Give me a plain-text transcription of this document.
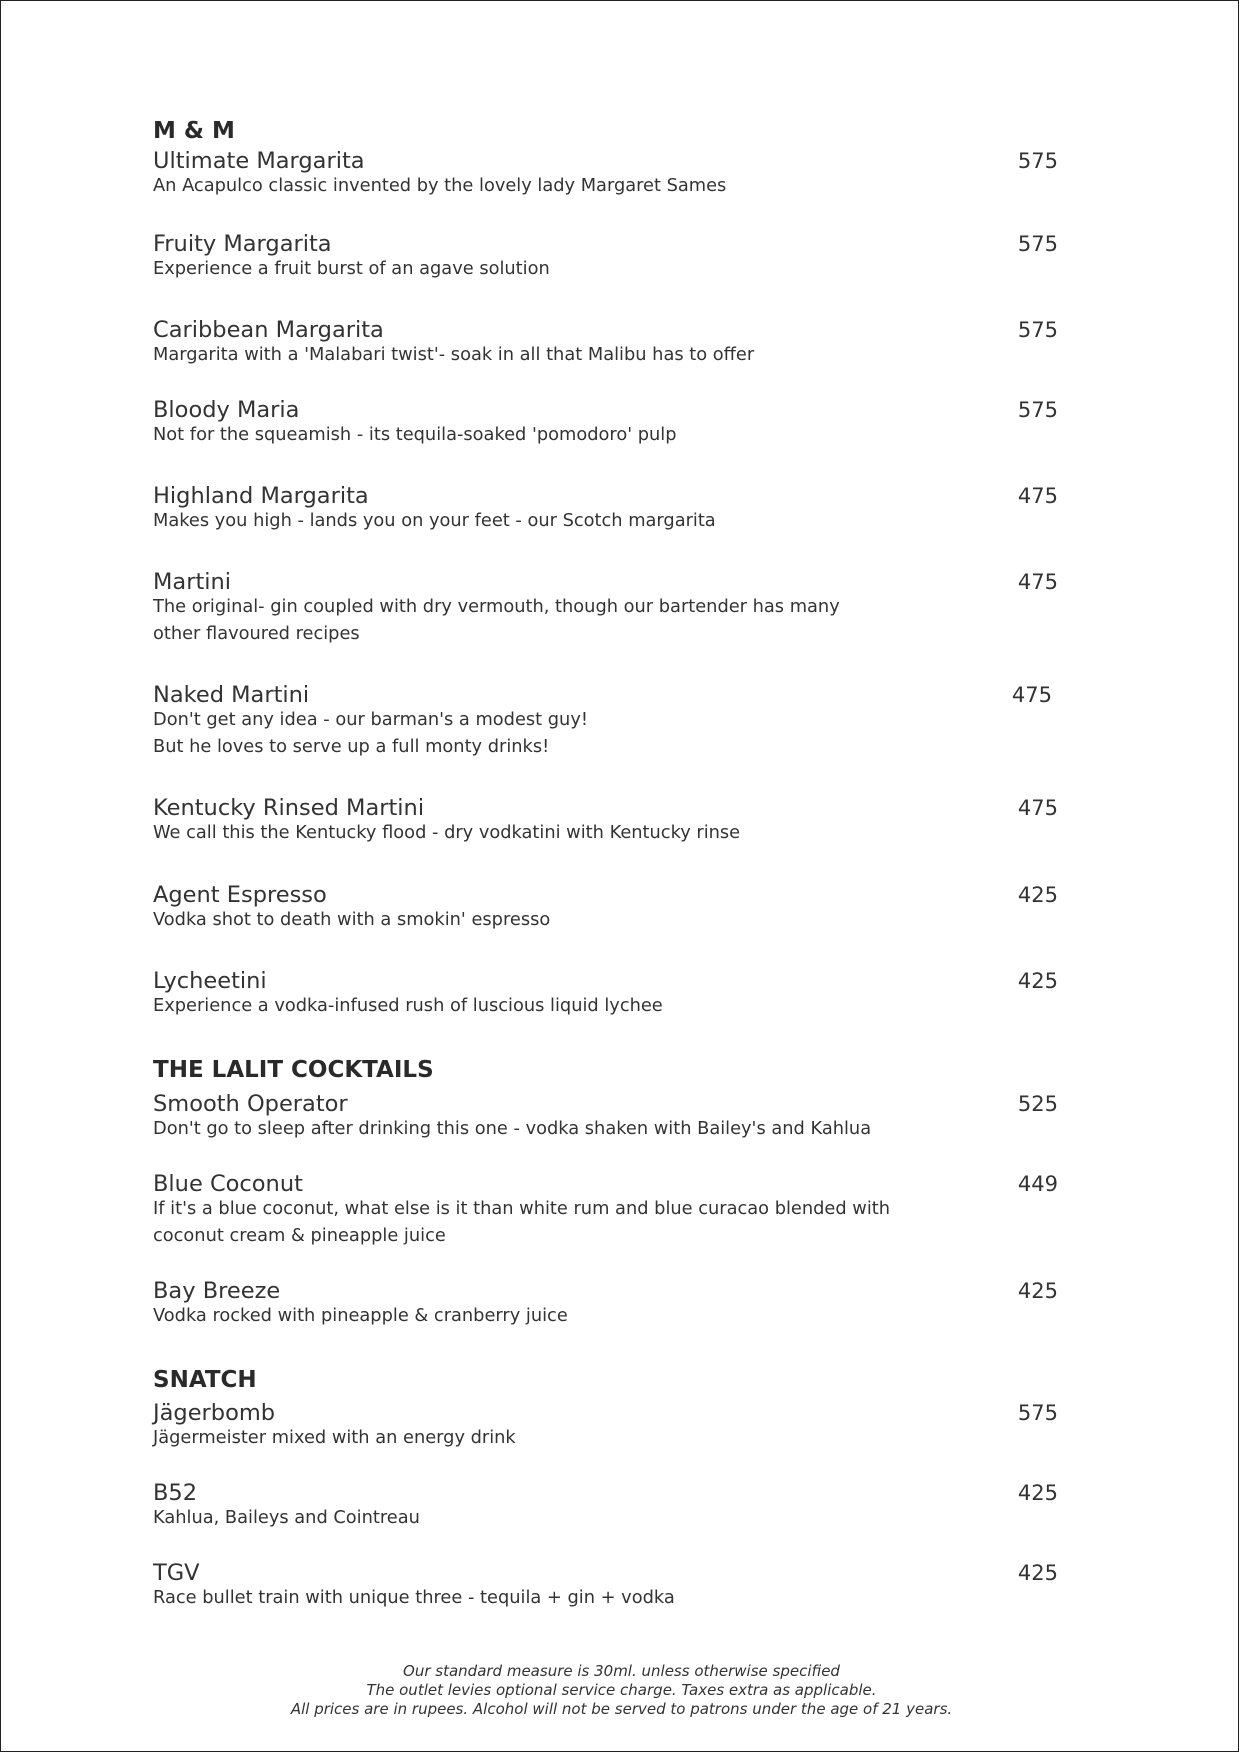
M & M
Ultimate Margarita	575
An Acapulco classic invented by the lovely lady Margaret Sames
Fruity Margarita	575
Experience a fruit burst of an agave solution
Caribbean Margarita	575
Margarita with a 'Malabari twist'- soak in all that Malibu has to offer
Bloody Maria	575
Not for the squeamish - its tequila-soaked 'pomodoro' pulp
Highland Margarita	475
Makes you high - lands you on your feet - our Scotch margarita
Martini	475
The original- gin coupled with dry vermouth, though our bartender has many
other flavoured recipes
Naked Martini	475
Don't get any idea - our barman's a modest guy!
But he loves to serve up a full monty drinks!
Kentucky Rinsed Martini	475
We call this the Kentucky flood - dry vodkatini with Kentucky rinse
Agent Espresso	425
Vodka shot to death with a smokin' espresso
Lycheetini	425
Experience a vodka-infused rush of luscious liquid lychee
THE LALIT COCKTAILS
Smooth Operator	525
Don't go to sleep after drinking this one - vodka shaken with Bailey's and Kahlua
Blue Coconut	449
If it's a blue coconut, what else is it than white rum and blue curacao blended with
coconut cream & pineapple juice
Bay Breeze	425
Vodka rocked with pineapple & cranberry juice
SNATCH
Jägerbomb	575
Jägermeister mixed with an energy drink
B52	425
Kahlua, Baileys and Cointreau
TGV	425
Race bullet train with unique three - tequila + gin + vodka
Our standard measure is 30ml. unless otherwise specified
The outlet levies optional service charge. Taxes extra as applicable.
All prices are in rupees. Alcohol will not be served to patrons under the age of 21 years.
